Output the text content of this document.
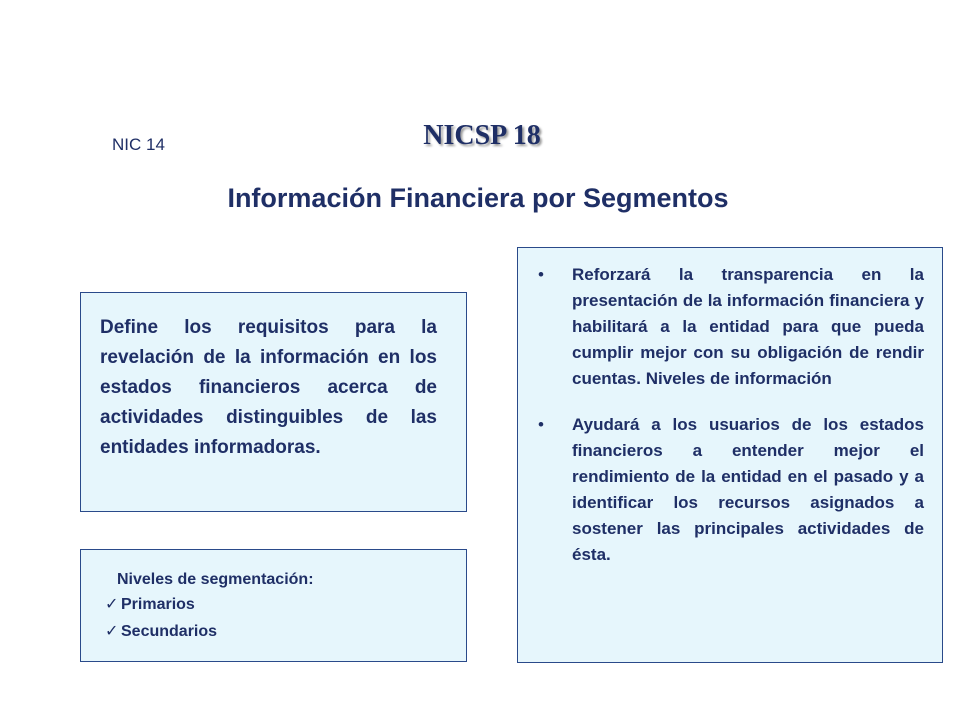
NIC 14	NICSP 18
Información Financiera por Segmentos

Define los requisitos para la revelación de la información en los estados financieros acerca de actividades distinguibles de las entidades informadoras.

Niveles de segmentación:
✓ Primarios
✓ Secundarios
• Reforzará la transparencia en la presentación de la información financiera y habilitará a la entidad para que pueda cumplir mejor con su obligación de rendir cuentas. Niveles de información
• Ayudará a los usuarios de los estados financieros a entender mejor el rendimiento de la entidad en el pasado y a identificar los recursos asignados a sostener las principales actividades de ésta.
